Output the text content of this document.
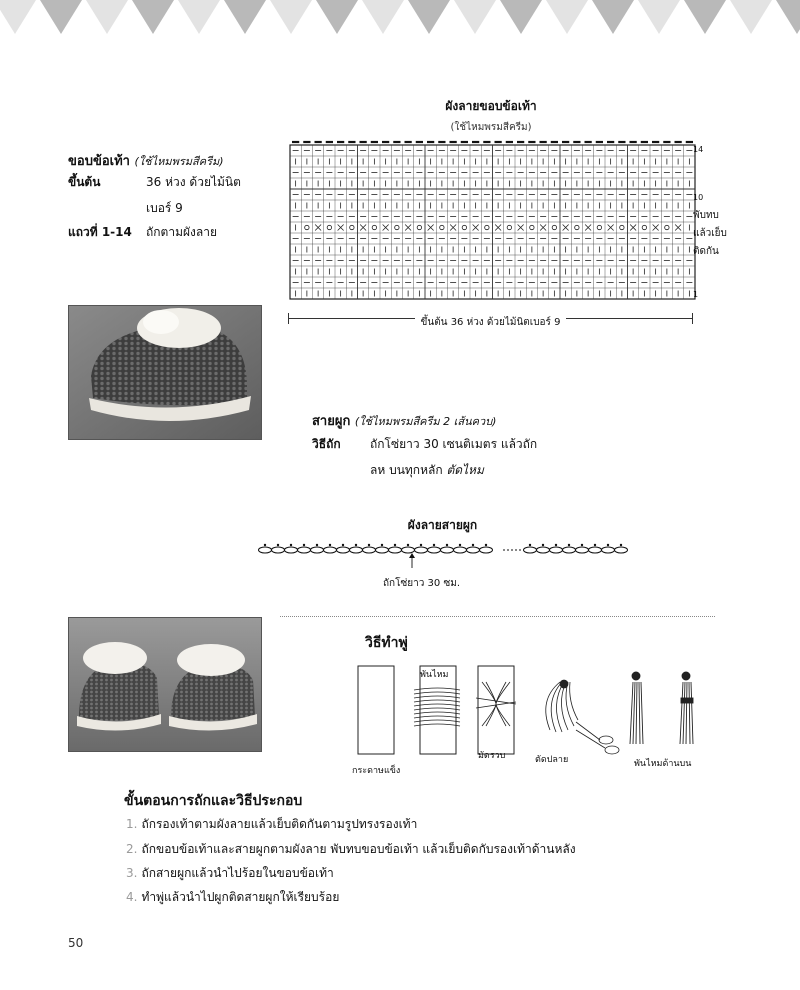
ขอบข้อเท้า (ใช้ไหมพรมสีครีม)
ขึ้นต้น	36 ห่วง ด้วยไม้นิต
เบอร์ 9
แถวที่ 1-14 ถักตามผังลาย
ผังลายขอบข้อเท้า
(ใช้ไหมพรมสีครีม)
14
10
1
พับทบ
แล้วเย็บ
ติดกัน
ขึ้นต้น 36 ห่วง ด้วยไม้นิตเบอร์ 9
สายผูก (ใช้ไหมพรมสีครีม 2 เส้นควบ)
วิธีถัก ถักโซ่ยาว 30 เซนติเมตร แล้วถัก
ลห บนทุกหลัก ตัดไหม
ผังลายสายผูก
ถักโซ่ยาว 30 ซม.
วิธีทำพู่
กระดาษแข็ง
พันไหม
มัดรวบ	ตัดปลาย	พันไหมด้านบน
ขั้นตอนการถักและวิธีประกอบ
1. ถักรองเท้าตามผังลายแล้วเย็บติดกันตามรูปทรงรองเท้า
2. ถักขอบข้อเท้าและสายผูกตามผังลาย พับทบขอบข้อเท้า แล้วเย็บติดกับรองเท้าด้านหลัง
3. ถักสายผูกแล้วนำไปร้อยในขอบข้อเท้า
4. ทำพู่แล้วนำไปผูกติดสายผูกให้เรียบร้อย
50
